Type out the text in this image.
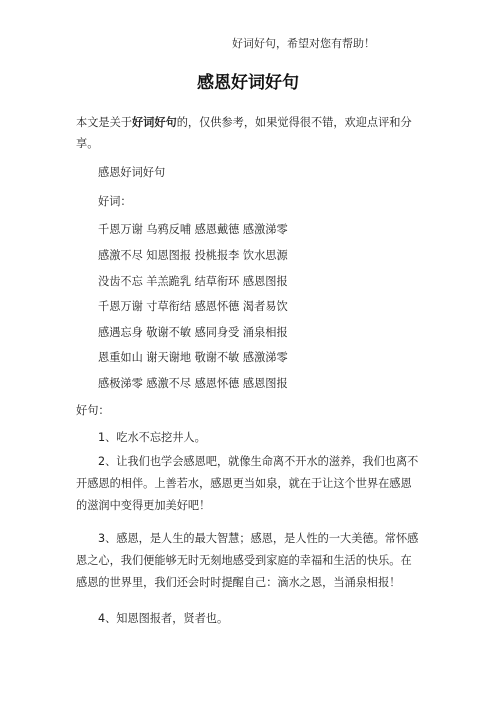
好词好句，希望对您有帮助！
感恩好词好句
本文是关于好词好句的，仅供参考，如果觉得很不错，欢迎点评和分享。
感恩好词好句
好词：
千恩万谢 乌鸦反哺 感恩戴德 感激涕零
感激不尽 知恩图报 投桃报李 饮水思源
没齿不忘 羊羔跪乳 结草衔环 感恩图报
千恩万谢 寸草衔结 感恩怀德 渴者易饮
感遇忘身 敬谢不敏 感同身受 涌泉相报
恩重如山 谢天谢地 敬谢不敏 感激涕零
感极涕零 感激不尽 感恩怀德 感恩图报
好句：
1、吃水不忘挖井人。
2、让我们也学会感恩吧，就像生命离不开水的滋养，我们也离不开感恩的相伴。上善若水，感恩更当如泉，就在于让这个世界在感恩的滋润中变得更加美好吧！
3、感恩，是人生的最大智慧；感恩，是人性的一大美德。常怀感恩之心，我们便能够无时无刻地感受到家庭的幸福和生活的快乐。在感恩的世界里，我们还会时时提醒自己：滴水之恩，当涌泉相报！
4、知恩图报者，贤者也。
